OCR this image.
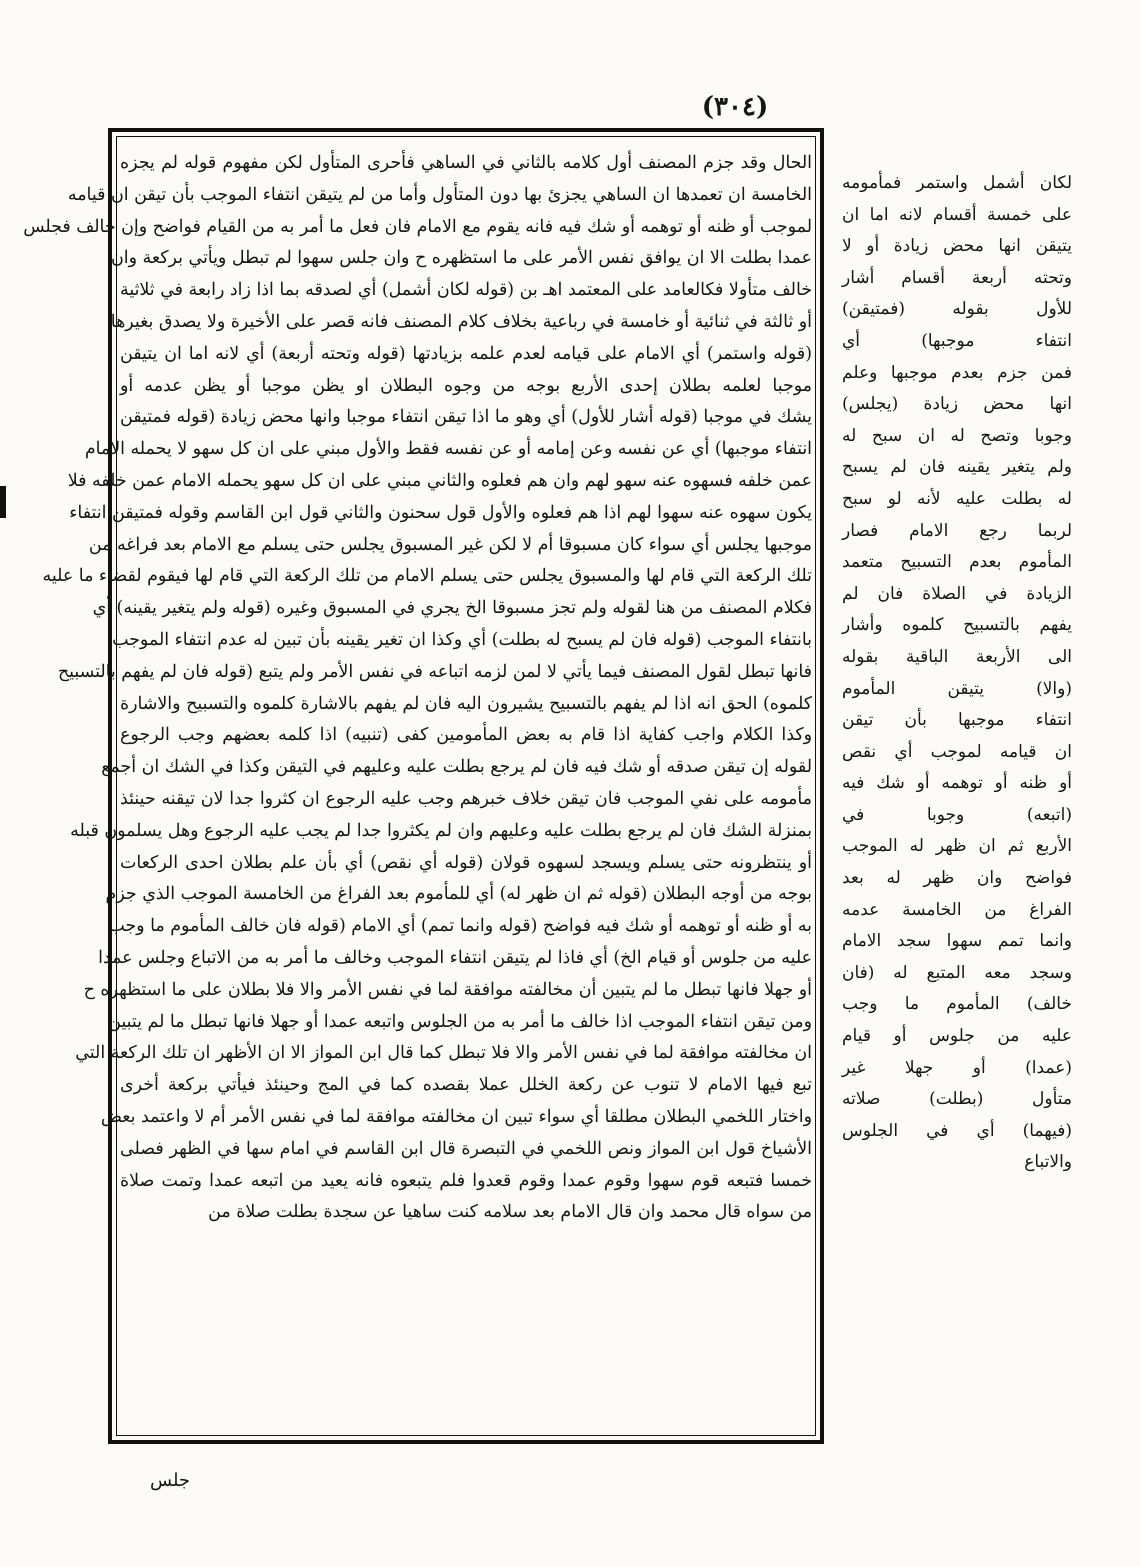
(٣٠٤)
الحال وقد جزم المصنف أول كلامه بالثاني في الساهي فأحرى المتأول لكن مفهوم قوله لم يجزه
الخامسة ان تعمدها ان الساهي يجزئ بها دون المتأول وأما من لم يتيقن انتفاء الموجب بأن تيقن ان قيامه
لموجب أو ظنه أو توهمه أو شك فيه فانه يقوم مع الامام فان فعل ما أمر به من القيام فواضح وإن خالف فجلس
عمدا بطلت الا ان يوافق نفس الأمر على ما استظهره ح وان جلس سهوا لم تبطل ويأتي بركعة وان
خالف متأولا فكالعامد على المعتمد اهـ بن (قوله لكان أشمل) أي لصدقه بما اذا زاد رابعة في ثلاثية
أو ثالثة في ثنائية أو خامسة في رباعية بخلاف كلام المصنف فانه قصر على الأخيرة ولا يصدق بغيرها
(قوله واستمر) أي الامام على قيامه لعدم علمه بزيادتها (قوله وتحته أربعة) أي لانه اما ان يتيقن
موجبا لعلمه بطلان إحدى الأربع بوجه من وجوه البطلان او يظن موجبا أو يظن عدمه أو
يشك في موجبا (قوله أشار للأول) أي وهو ما اذا تيقن انتفاء موجبا وانها محض زيادة (قوله فمتيقن
انتفاء موجبها) أي عن نفسه وعن إمامه أو عن نفسه فقط والأول مبني على ان كل سهو لا يحمله الامام
عمن خلفه فسهوه عنه سهو لهم وان هم فعلوه والثاني مبني على ان كل سهو يحمله الامام عمن خلفه فلا
يكون سهوه عنه سهوا لهم اذا هم فعلوه والأول قول سحنون والثاني قول ابن القاسم وقوله فمتيقن انتفاء
موجبها يجلس أي سواء كان مسبوقا أم لا لكن غير المسبوق يجلس حتى يسلم مع الامام بعد فراغه من
تلك الركعة التي قام لها والمسبوق يجلس حتى يسلم الامام من تلك الركعة التي قام لها فيقوم لقضاء ما عليه
فكلام المصنف من هنا لقوله ولم تجز مسبوقا الخ يجري في المسبوق وغيره (قوله ولم يتغير يقينه) أي
بانتفاء الموجب (قوله فان لم يسبح له بطلت) أي وكذا ان تغير يقينه بأن تبين له عدم انتفاء الموجب
فانها تبطل لقول المصنف فيما يأتي لا لمن لزمه اتباعه في نفس الأمر ولم يتبع (قوله فان لم يفهم بالتسبيح
كلموه) الحق انه اذا لم يفهم بالتسبيح يشيرون اليه فان لم يفهم بالاشارة كلموه والتسبيح والاشارة
وكذا الكلام واجب كفاية اذا قام به بعض المأمومين كفى (تنبيه) اذا كلمه بعضهم وجب الرجوع
لقوله إن تيقن صدقه أو شك فيه فان لم يرجع بطلت عليه وعليهم في التيقن وكذا في الشك ان أجمع
مأمومه على نفي الموجب فان تيقن خلاف خبرهم وجب عليه الرجوع ان كثروا جدا لان تيقنه حينئذ
بمنزلة الشك فان لم يرجع بطلت عليه وعليهم وان لم يكثروا جدا لم يجب عليه الرجوع وهل يسلمون قبله
أو ينتظرونه حتى يسلم ويسجد لسهوه قولان (قوله أي نقص) أي بأن علم بطلان احدى الركعات
بوجه من أوجه البطلان (قوله ثم ان ظهر له) أي للمأموم بعد الفراغ من الخامسة الموجب الذي جزم
به أو ظنه أو توهمه أو شك فيه فواضح (قوله وانما تمم) أي الامام (قوله فان خالف المأموم ما وجب
عليه من جلوس أو قيام الخ) أي فاذا لم يتيقن انتفاء الموجب وخالف ما أمر به من الاتباع وجلس عمدا
أو جهلا فانها تبطل ما لم يتبين أن مخالفته موافقة لما في نفس الأمر والا فلا بطلان على ما استظهره ح
ومن تيقن انتفاء الموجب اذا خالف ما أمر به من الجلوس واتبعه عمدا أو جهلا فانها تبطل ما لم يتبين
ان مخالفته موافقة لما في نفس الأمر والا فلا تبطل كما قال ابن المواز الا ان الأظهر ان تلك الركعة التي
تبع فيها الامام لا تنوب عن ركعة الخلل عملا بقصده كما في المج وحينئذ فيأتي بركعة أخرى
واختار اللخمي البطلان مطلقا أي سواء تبين ان مخالفته موافقة لما في نفس الأمر أم لا واعتمد بعض
الأشياخ قول ابن المواز ونص اللخمي في التبصرة قال ابن القاسم في امام سها في الظهر فصلى
خمسا فتبعه قوم سهوا وقوم عمدا وقوم قعدوا فلم يتبعوه فانه يعيد من اتبعه عمدا وتمت صلاة
من سواه قال محمد وان قال الامام بعد سلامه كنت ساهيا عن سجدة بطلت صلاة من
لكان أشمل واستمر فمأمومه
على خمسة أقسام لانه اما ان
يتيقن انها محض زيادة أو لا
وتحته أربعة أقسام أشار
للأول بقوله (فمتيقن)
انتفاء موجبها) أي
فمن جزم بعدم موجبها وعلم
انها محض زيادة (يجلس)
وجوبا وتصح له ان سبح له
ولم يتغير يقينه فان لم يسبح
له بطلت عليه لأنه لو سبح
لربما رجع الامام فصار
المأموم بعدم التسبيح متعمد
الزيادة في الصلاة فان لم
يفهم بالتسبيح كلموه وأشار
الى الأربعة الباقية بقوله
(والا) يتيقن المأموم
انتفاء موجبها بأن تيقن
ان قيامه لموجب أي نقص
أو ظنه أو توهمه أو شك فيه
(اتبعه) وجوبا في
الأربع ثم ان ظهر له الموجب
فواضح وان ظهر له بعد
الفراغ من الخامسة عدمه
وانما تمم سهوا سجد الامام
وسجد معه المتبع له (فان
خالف) المأموم ما وجب
عليه من جلوس أو قيام
(عمدا) أو جهلا غير
متأول (بطلت) صلاته
(فيهما) أي في الجلوس
والاتباع
جلس
